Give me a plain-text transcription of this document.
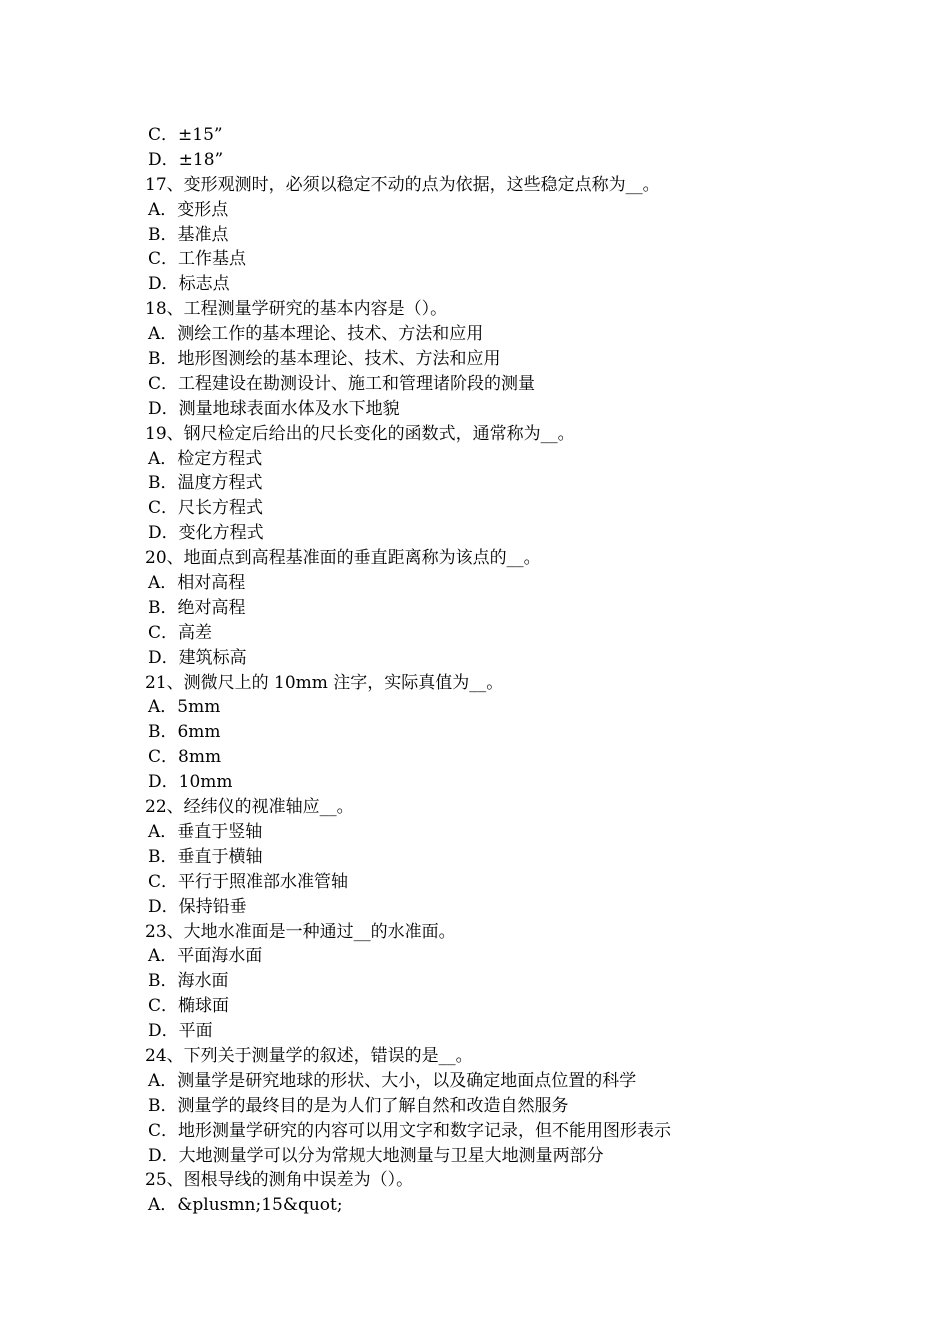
C．±15”
D．±18”
17、变形观测时，必须以稳定不动的点为依据，这些稳定点称为__。
A．变形点
B．基准点
C．工作基点
D．标志点
18、工程测量学研究的基本内容是（）。
A．测绘工作的基本理论、技术、方法和应用
B．地形图测绘的基本理论、技术、方法和应用
C．工程建设在勘测设计、施工和管理诸阶段的测量
D．测量地球表面水体及水下地貌
19、钢尺检定后给出的尺长变化的函数式，通常称为__。
A．检定方程式
B．温度方程式
C．尺长方程式
D．变化方程式
20、地面点到高程基准面的垂直距离称为该点的__。
A．相对高程
B．绝对高程
C．高差
D．建筑标高
21、测微尺上的 10mm 注字，实际真值为__。
A．5mm
B．6mm
C．8mm
D．10mm
22、经纬仪的视准轴应__。
A．垂直于竖轴
B．垂直于横轴
C．平行于照准部水准管轴
D．保持铅垂
23、大地水准面是一种通过__的水准面。
A．平面海水面
B．海水面
C．椭球面
D．平面
24、下列关于测量学的叙述，错误的是__。
A．测量学是研究地球的形状、大小，以及确定地面点位置的科学
B．测量学的最终目的是为人们了解自然和改造自然服务
C．地形测量学研究的内容可以用文字和数字记录，但不能用图形表示
D．大地测量学可以分为常规大地测量与卫星大地测量两部分
25、图根导线的测角中误差为（）。
A．&plusmn;15&quot;
